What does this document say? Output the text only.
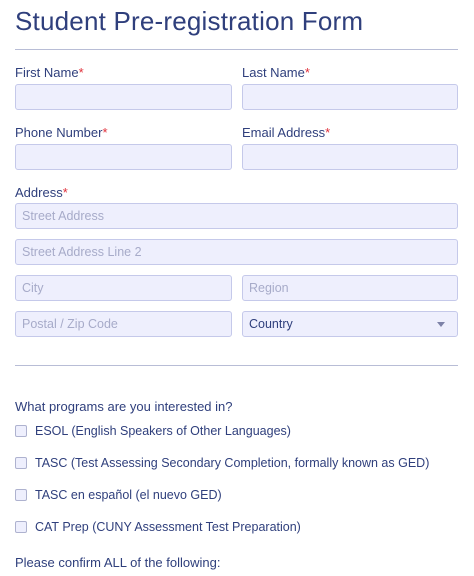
Student Pre-registration Form
First Name*	Last Name*
Phone Number*	Email Address*
Address*
Street Address
Street Address Line 2
City
Region
Postal / Zip Code
Country
What programs are you interested in?
ESOL (English Speakers of Other Languages)
TASC (Test Assessing Secondary Completion, formally known as GED)
TASC en español (el nuevo GED)
CAT Prep (CUNY Assessment Test Preparation)
Please confirm ALL of the following:
